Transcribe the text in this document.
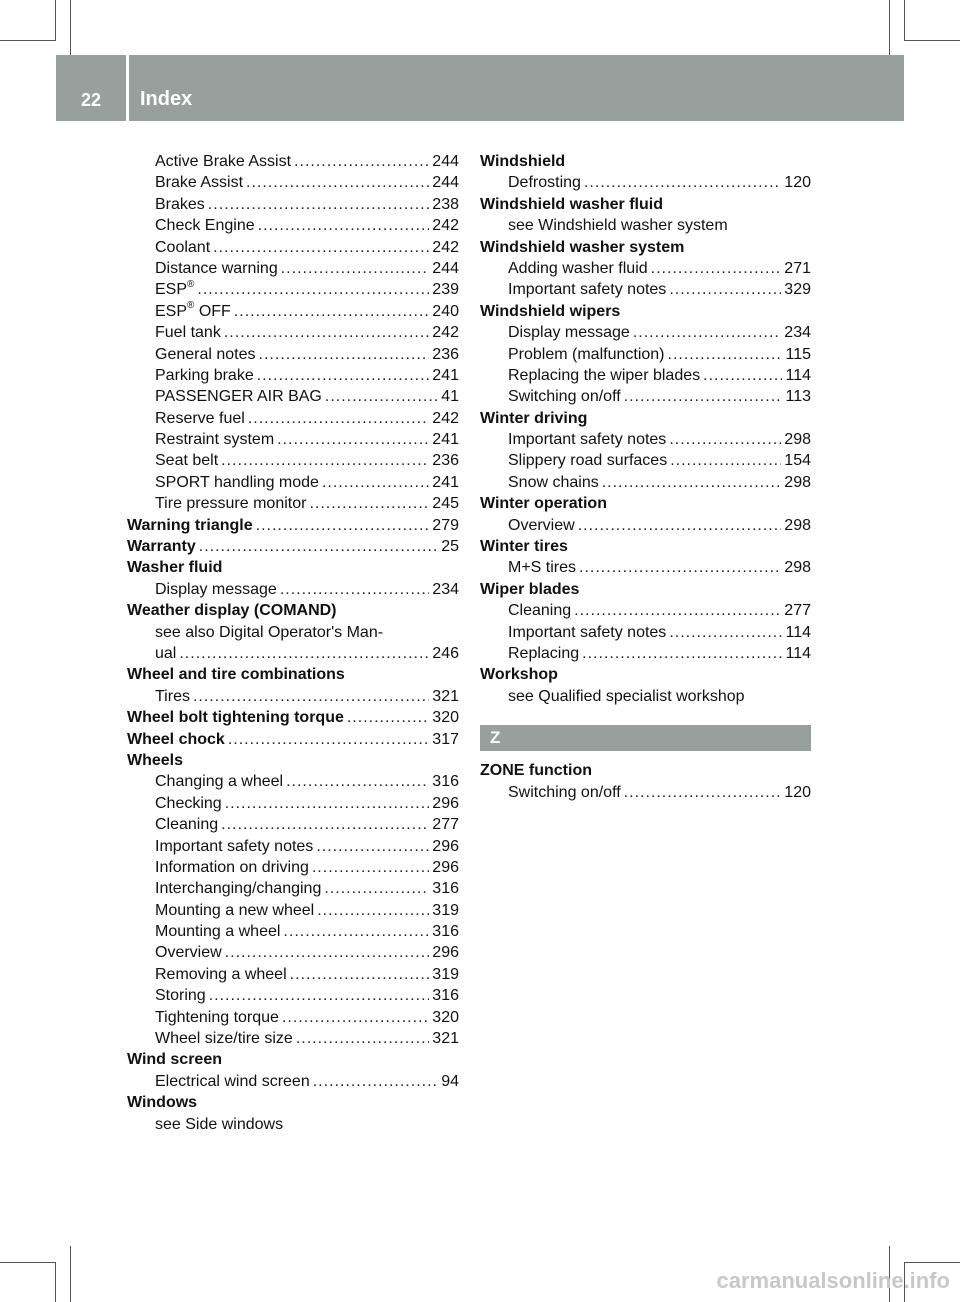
22	Index
Active Brake Assist .....	244
Brake Assist .....	244
Brakes .....	238
Check Engine .....	242
Coolant .....	242
Distance warning .....	244
ESP® .....	239
ESP® OFF .....	240
Fuel tank .....	242
General notes .....	236
Parking brake .....	241
PASSENGER AIR BAG .....	41
Reserve fuel .....	242
Restraint system .....	241
Seat belt .....	236
SPORT handling mode .....	241
Tire pressure monitor .....	245
Warning triangle .....	279
Warranty .....	25
Washer fluid
Display message .....	234
Weather display (COMAND)
see also Digital Operator's Man-
ual .....	246
Wheel and tire combinations
Tires .....	321
Wheel bolt tightening torque .....	320
Wheel chock .....	317
Wheels
Changing a wheel .....	316
Checking .....	296
Cleaning .....	277
Important safety notes .....	296
Information on driving .....	296
Interchanging/changing .....	316
Mounting a new wheel .....	319
Mounting a wheel .....	316
Overview .....	296
Removing a wheel .....	319
Storing .....	316
Tightening torque .....	320
Wheel size/tire size .....	321
Wind screen
Electrical wind screen .....	94
Windows
see Side windows
Windshield
Defrosting .....	120
Windshield washer fluid
see Windshield washer system
Windshield washer system
Adding washer fluid .....	271
Important safety notes .....	329
Windshield wipers
Display message .....	234
Problem (malfunction) .....	115
Replacing the wiper blades .....	114
Switching on/off .....	113
Winter driving
Important safety notes .....	298
Slippery road surfaces .....	154
Snow chains .....	298
Winter operation
Overview .....	298
Winter tires
M+S tires .....	298
Wiper blades
Cleaning .....	277
Important safety notes .....	114
Replacing .....	114
Workshop
see Qualified specialist workshop
Z
ZONE function
Switching on/off .....	120
carmanualsonline.info
